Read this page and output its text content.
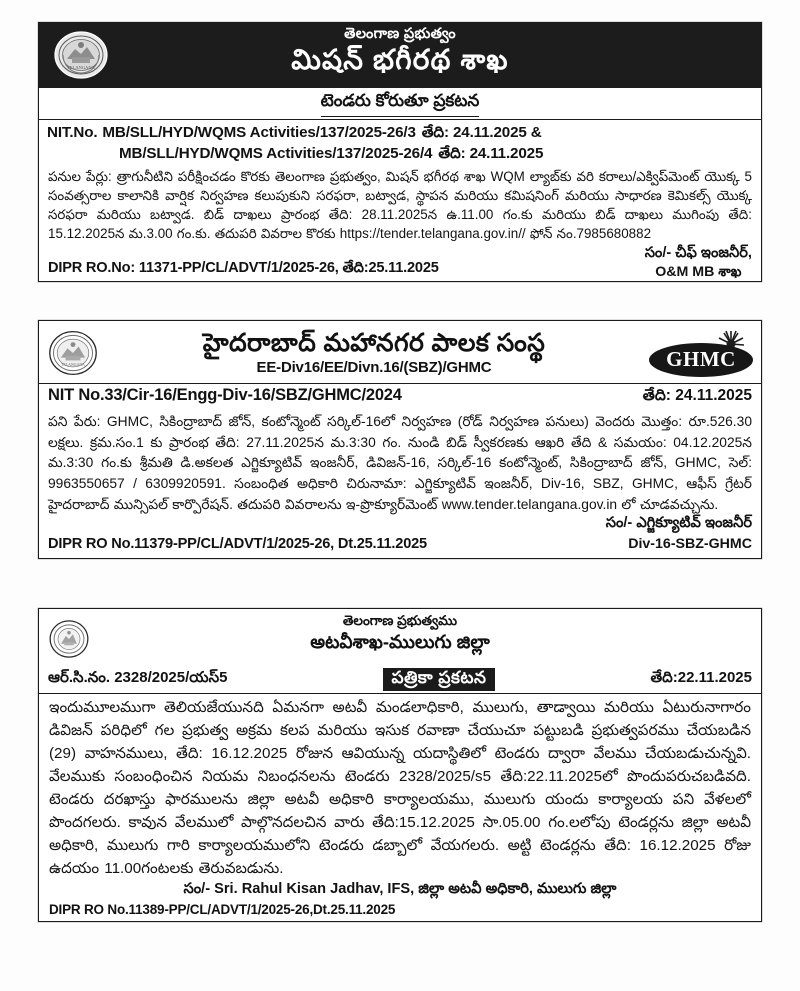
TELANGANA
తెలంగాణ ప్రభుత్వం
మిషన్ భగీరథ శాఖ
టెండరు కోరుతూ ప్రకటన
NIT.No. MB/SLL/HYD/WQMS Activities/137/2025-26/3 తేది: 24.11.2025 &
MB/SLL/HYD/WQMS Activities/137/2025-26/4 తేది: 24.11.2025
పనుల పేర్లు: త్రాగునీటిని పరీక్షించడం కొరకు తెలంగాణ ప్రభుత్వం, మిషన్ భగీరథ శాఖ WQM ల్యాబ్‌కు వరి కరాలు/ఎక్విప్‌మెంట్ యొక్క 5 సంవత్సరాల కాలానికి వార్షిక నిర్వహణ కలుపుకుని సరఫరా, బట్వాడ, స్థాపన మరియు కమిషనింగ్ మరియు సాధారణ కెమికల్స్ యొక్క సరఫరా మరియు బట్వాడ. బిడ్ దాఖలు ప్రారంభ తేది: 28.11.2025న ఉ.11.00 గం.కు మరియు బిడ్ దాఖలు ముగింపు తేది: 15.12.2025న మ.3.00 గం.కు. తదుపరి వివరాల కొరకు https://tender.telangana.gov.in// ఫోన్ నం.7985680882
సం/- చీఫ్ ఇంజనీర్,
O&M MB శాఖ
DIPR RO.No: 11371-PP/CL/ADVT/1/2025-26, తేది:25.11.2025
TELANGANA
హైదరాబాద్ మహానగర పాలక సంస్థ
EE-Div16/EE/Divn.16/(SBZ)/GHMC	GHMC
NIT No.33/Cir-16/Engg-Div-16/SBZ/GHMC/2024	తేది: 24.11.2025
పని పేరు: GHMC, సికింద్రాబాద్ జోన్, కంటోన్మెంట్ సర్కిల్-16లో నిర్వహణ (రోడ్ నిర్వహణ పనులు) వెందరు మొత్తం: రూ.526.30 లక్షలు. క్రమ.సం.1 కు ప్రారంభ తేది: 27.11.2025న మ.3:30 గం. నుండి బిడ్ స్వీకరణకు ఆఖరి తేది & సమయం: 04.12.2025న మ.3:30 గం.కు శ్రీమతి డి.అకలత ఎగ్జిక్యూటివ్ ఇంజనీర్, డివిజన్-16, సర్కిల్-16 కంటోన్మెంట్, సికింద్రాబాద్ జోన్, GHMC, సెల్: 9963550657 / 6309920591. సంబంధిత అధికారి చిరునామా: ఎగ్జిక్యూటివ్ ఇంజనీర్, Div-16, SBZ, GHMC, ఆఫీస్ గ్రేటర్ హైదరాబాద్ మున్సిపల్ కార్పొరేషన్. తదుపరి వివరాలను ఇ-ప్రొక్యూర్‌మెంట్ www.tender.telangana.gov.in లో చూడవచ్చును.
సం/- ఎగ్జిక్యూటివ్ ఇంజనీర్
DIPR RO No.11379-PP/CL/ADVT/1/2025-26, Dt.25.11.2025	Div-16-SBZ-GHMC
తెలంగాణ ప్రభుత్వము
అటవీశాఖ-ములుగు జిల్లా
ఆర్.సి.నం. 2328/2025/యస్5	పత్రికా ప్రకటన	తేది:22.11.2025
ఇందుమూలముగా తెలియజేయునది ఏమనగా అటవీ మండలాధికారి, ములుగు, తాడ్వాయి మరియు ఏటురునాగారం డివిజన్ పరిధిలో గల ప్రభుత్వ అక్రమ కలప మరియు ఇసుక రవాణా చేయుచూ పట్టుబడి ప్రభుత్వపరము చేయబడిన (29) వాహనములు, తేది: 16.12.2025 రోజున ఆవియున్న యదాస్థితిలో టెండరు ద్వారా వేలము చేయబడుచున్నవి. వేలముకు సంబంధించిన నియమ నిబంధనలను టెండరు 2328/2025/s5 తేది:22.11.2025లో పొందుపరుచబడివది. టెండరు దరఖాస్తు ఫారములను జిల్లా అటవీ అధికారి కార్యాలయము, ములుగు యందు కార్యాలయ పని వేళలలో పొందగలరు. కావున వేలములో పాల్గొనదలచిన వారు తేది:15.12.2025 సా.05.00 గం.లలోపు టెండర్లను జిల్లా అటవీ అధికారి, ములుగు గారి కార్యాలయములోని టెండరు డబ్బాలో వేయగలరు. అట్టి టెండర్లను తేది: 16.12.2025 రోజు ఉదయం 11.00గంటలకు తెరువబడును.
సం/- Sri. Rahul Kisan Jadhav, IFS, జిల్లా అటవీ అధికారి, ములుగు జిల్లా
DIPR RO No.11389-PP/CL/ADVT/1/2025-26,Dt.25.11.2025
